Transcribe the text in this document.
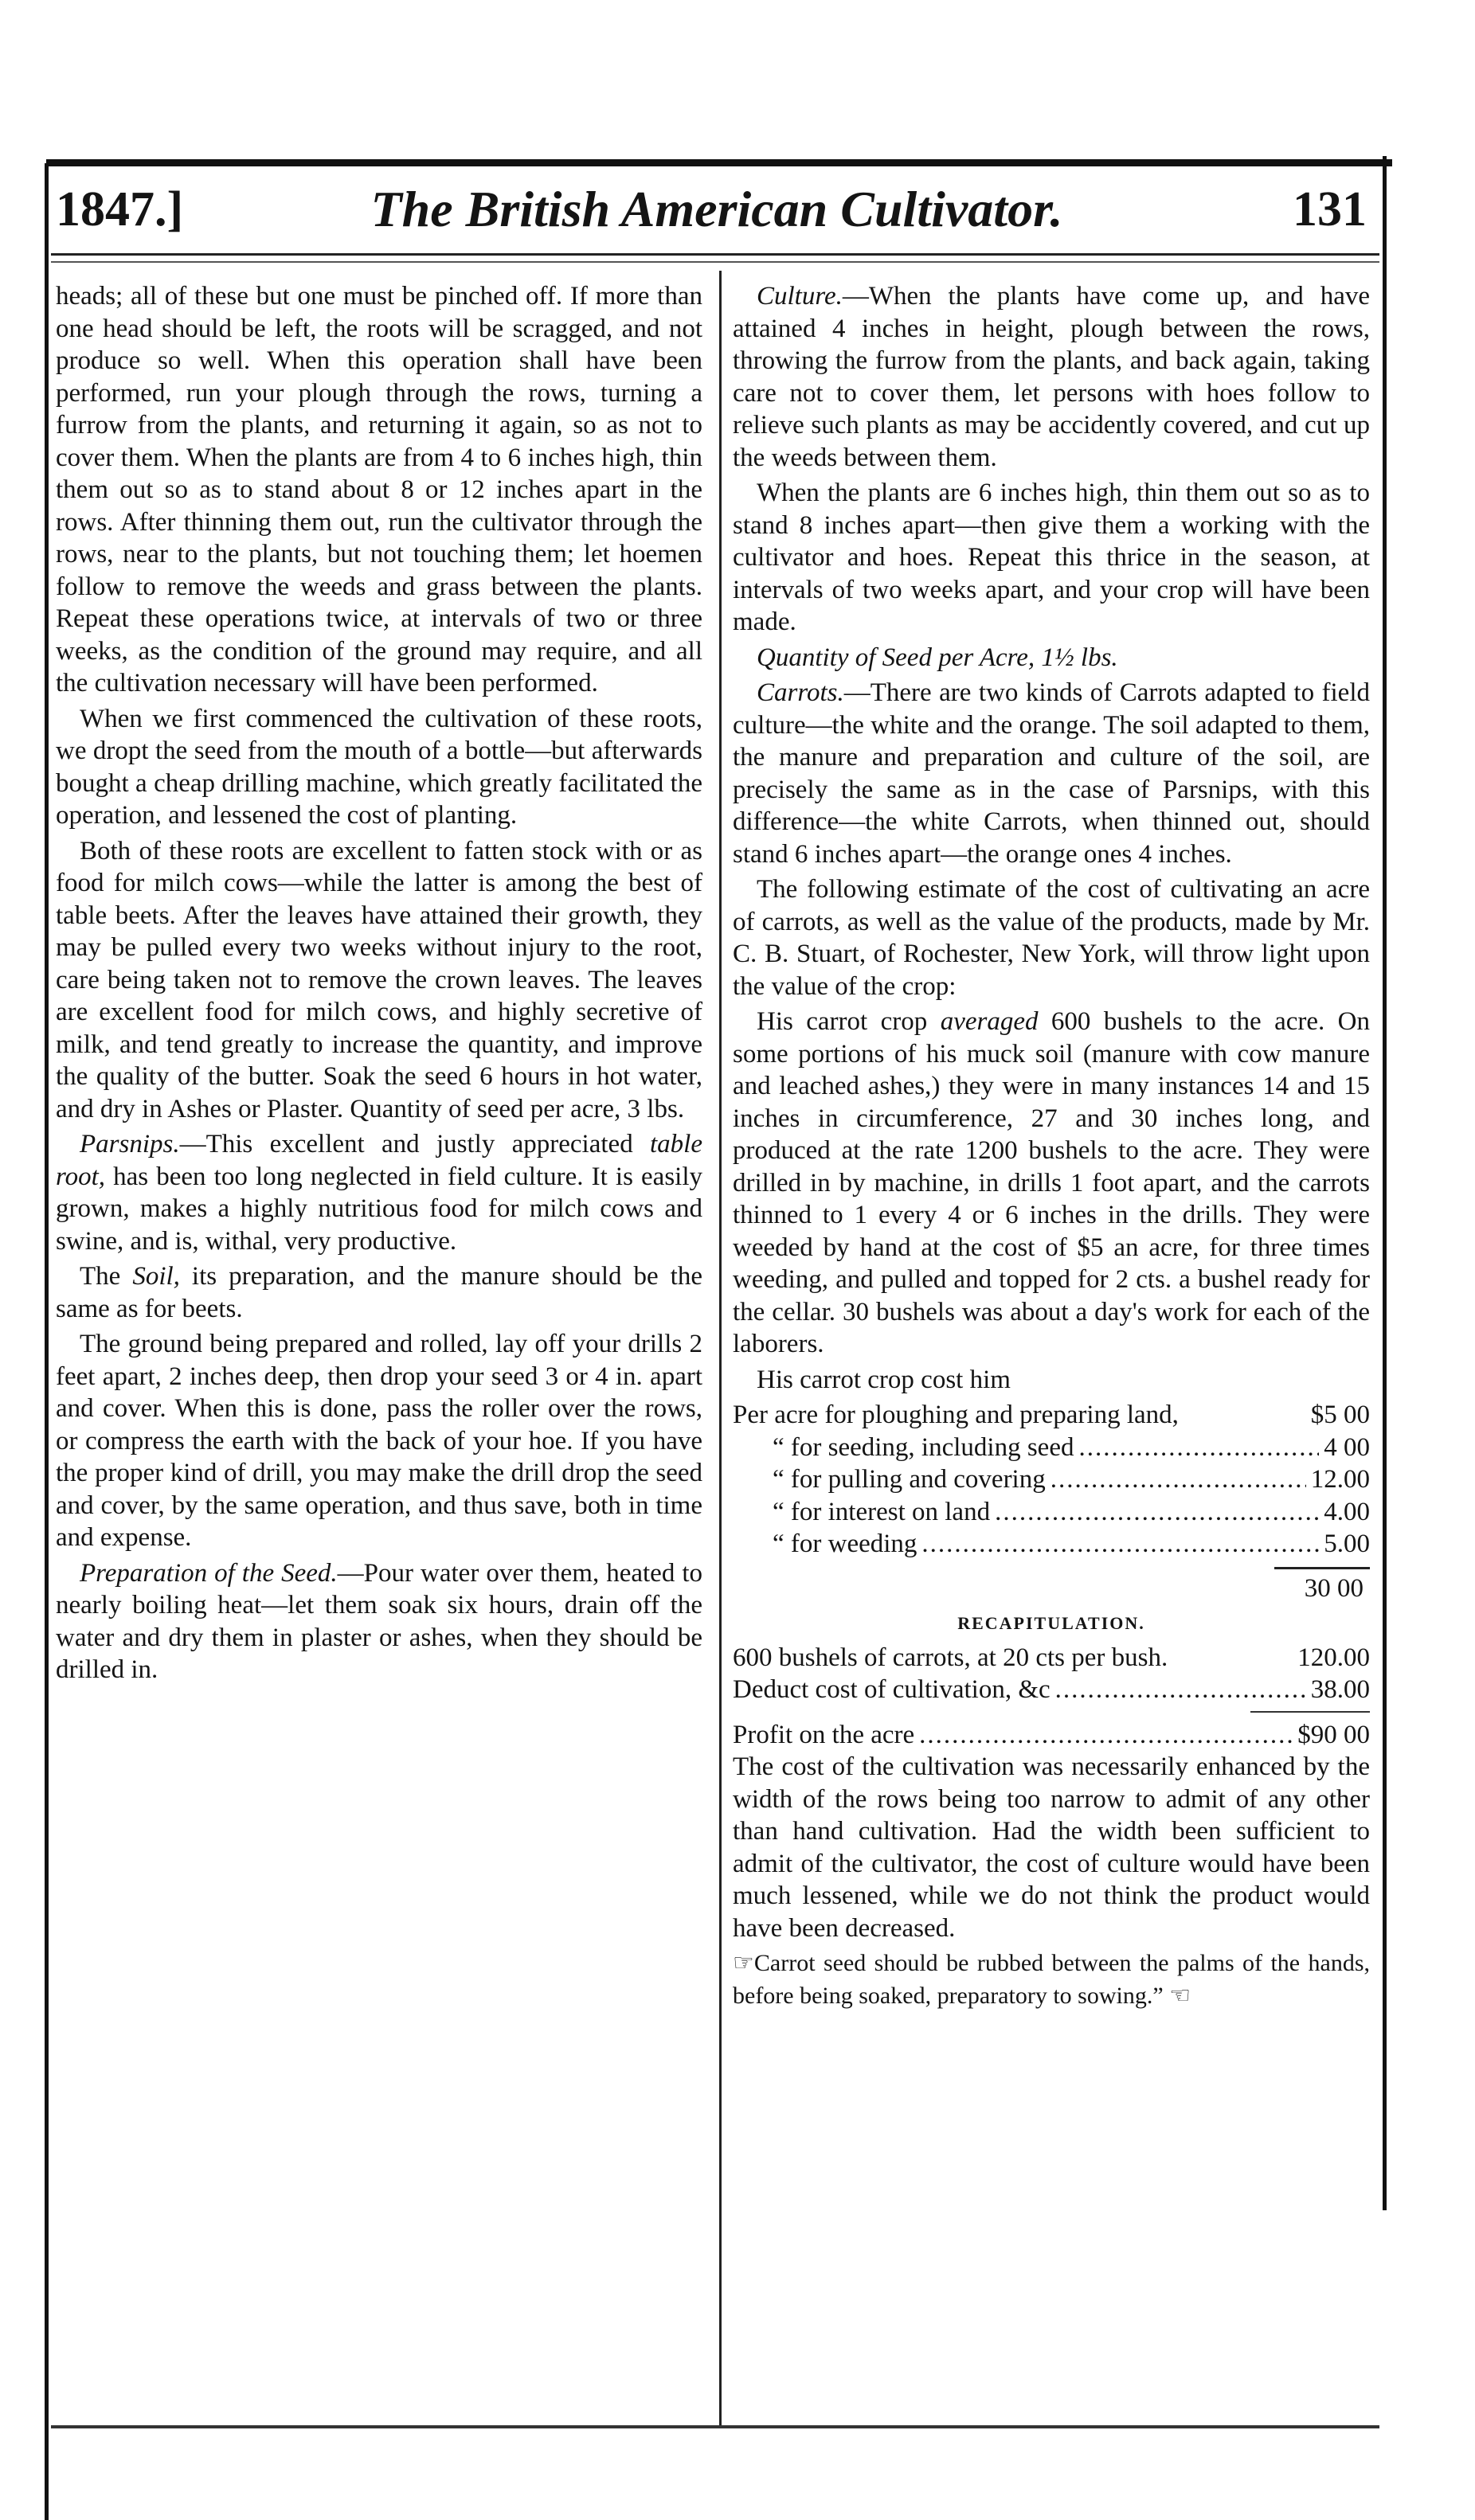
1847.]	The British American Cultivator.	131

heads; all of these but one must be pinched off. If more than one head should be left, the roots will be scragged, and not produce so well. When this operation shall have been performed, run your plough through the rows, turning a furrow from the plants, and returning it again, so as not to cover them. When the plants are from 4 to 6 inches high, thin them out so as to stand about 8 or 12 inches apart in the rows. After thinning them out, run the cultivator through the rows, near to the plants, but not touching them; let hoemen follow to remove the weeds and grass between the plants. Repeat these operations twice, at intervals of two or three weeks, as the condition of the ground may require, and all the cultivation necessary will have been performed.

When we first commenced the cultivation of these roots, we dropt the seed from the mouth of a bottle—but afterwards bought a cheap drilling machine, which greatly facilitated the operation, and lessened the cost of planting.

Both of these roots are excellent to fatten stock with or as food for milch cows—while the latter is among the best of table beets. After the leaves have attained their growth, they may be pulled every two weeks without injury to the root, care being taken not to remove the crown leaves. The leaves are excellent food for milch cows, and highly secretive of milk, and tend greatly to increase the quantity, and improve the quality of the butter. Soak the seed 6 hours in hot water, and dry in Ashes or Plaster. Quantity of seed per acre, 3 lbs.

Parsnips.—This excellent and justly appreciated table root, has been too long neglected in field culture. It is easily grown, makes a highly nutritious food for milch cows and swine, and is, withal, very productive.

The Soil, its preparation, and the manure should be the same as for beets.

The ground being prepared and rolled, lay off your drills 2 feet apart, 2 inches deep, then drop your seed 3 or 4 in. apart and cover. When this is done, pass the roller over the rows, or compress the earth with the back of your hoe. If you have the proper kind of drill, you may make the drill drop the seed and cover, by the same operation, and thus save, both in time and expense.

Preparation of the Seed.—Pour water over them, heated to nearly boiling heat—let them soak six hours, drain off the water and dry them in plaster or ashes, when they should be drilled in.

Culture.—When the plants have come up, and have attained 4 inches in height, plough between the rows, throwing the furrow from the plants, and back again, taking care not to cover them, let persons with hoes follow to relieve such plants as may be accidently covered, and cut up the weeds between them.

When the plants are 6 inches high, thin them out so as to stand 8 inches apart—then give them a working with the cultivator and hoes. Repeat this thrice in the season, at intervals of two weeks apart, and your crop will have been made.

Quantity of Seed per Acre, 1½ lbs.

Carrots.—There are two kinds of Carrots adapted to field culture—the white and the orange. The soil adapted to them, the manure and preparation and culture of the soil, are precisely the same as in the case of Parsnips, with this difference—the white Carrots, when thinned out, should stand 6 inches apart—the orange ones 4 inches.

The following estimate of the cost of cultivating an acre of carrots, as well as the value of the products, made by Mr. C. B. Stuart, of Rochester, New York, will throw light upon the value of the crop:

His carrot crop averaged 600 bushels to the acre. On some portions of his muck soil (manure with cow manure and leached ashes,) they were in many instances 14 and 15 inches in circumference, 27 and 30 inches long, and produced at the rate 1200 bushels to the acre. They were drilled in by machine, in drills 1 foot apart, and the carrots thinned to 1 every 4 or 6 inches in the drills. They were weeded by hand at the cost of $5 an acre, for three times weeding, and pulled and topped for 2 cts. a bushel ready for the cellar. 30 bushels was about a day's work for each of the laborers.

His carrot crop cost him

Per acre for ploughing and preparing land,	$5 00
“ for seeding, including seed .....	4 00
“ for pulling and covering .....	12.00
“ for interest on land .....	4.00
“ for weeding .....	5.00
30 00
RECAPITULATION.
600 bushels of carrots, at 20 cts per bush.	120.00
Deduct cost of cultivation, &c .....	38.00
Profit on the acre .....	$90 00

The cost of the cultivation was necessarily enhanced by the width of the rows being too narrow to admit of any other than hand cultivation. Had the width been sufficient to admit of the cultivator, the cost of culture would have been much lessened, while we do not think the product would have been decreased.

☞Carrot seed should be rubbed between the palms of the hands, before being soaked, preparatory to sowing.” ☜
